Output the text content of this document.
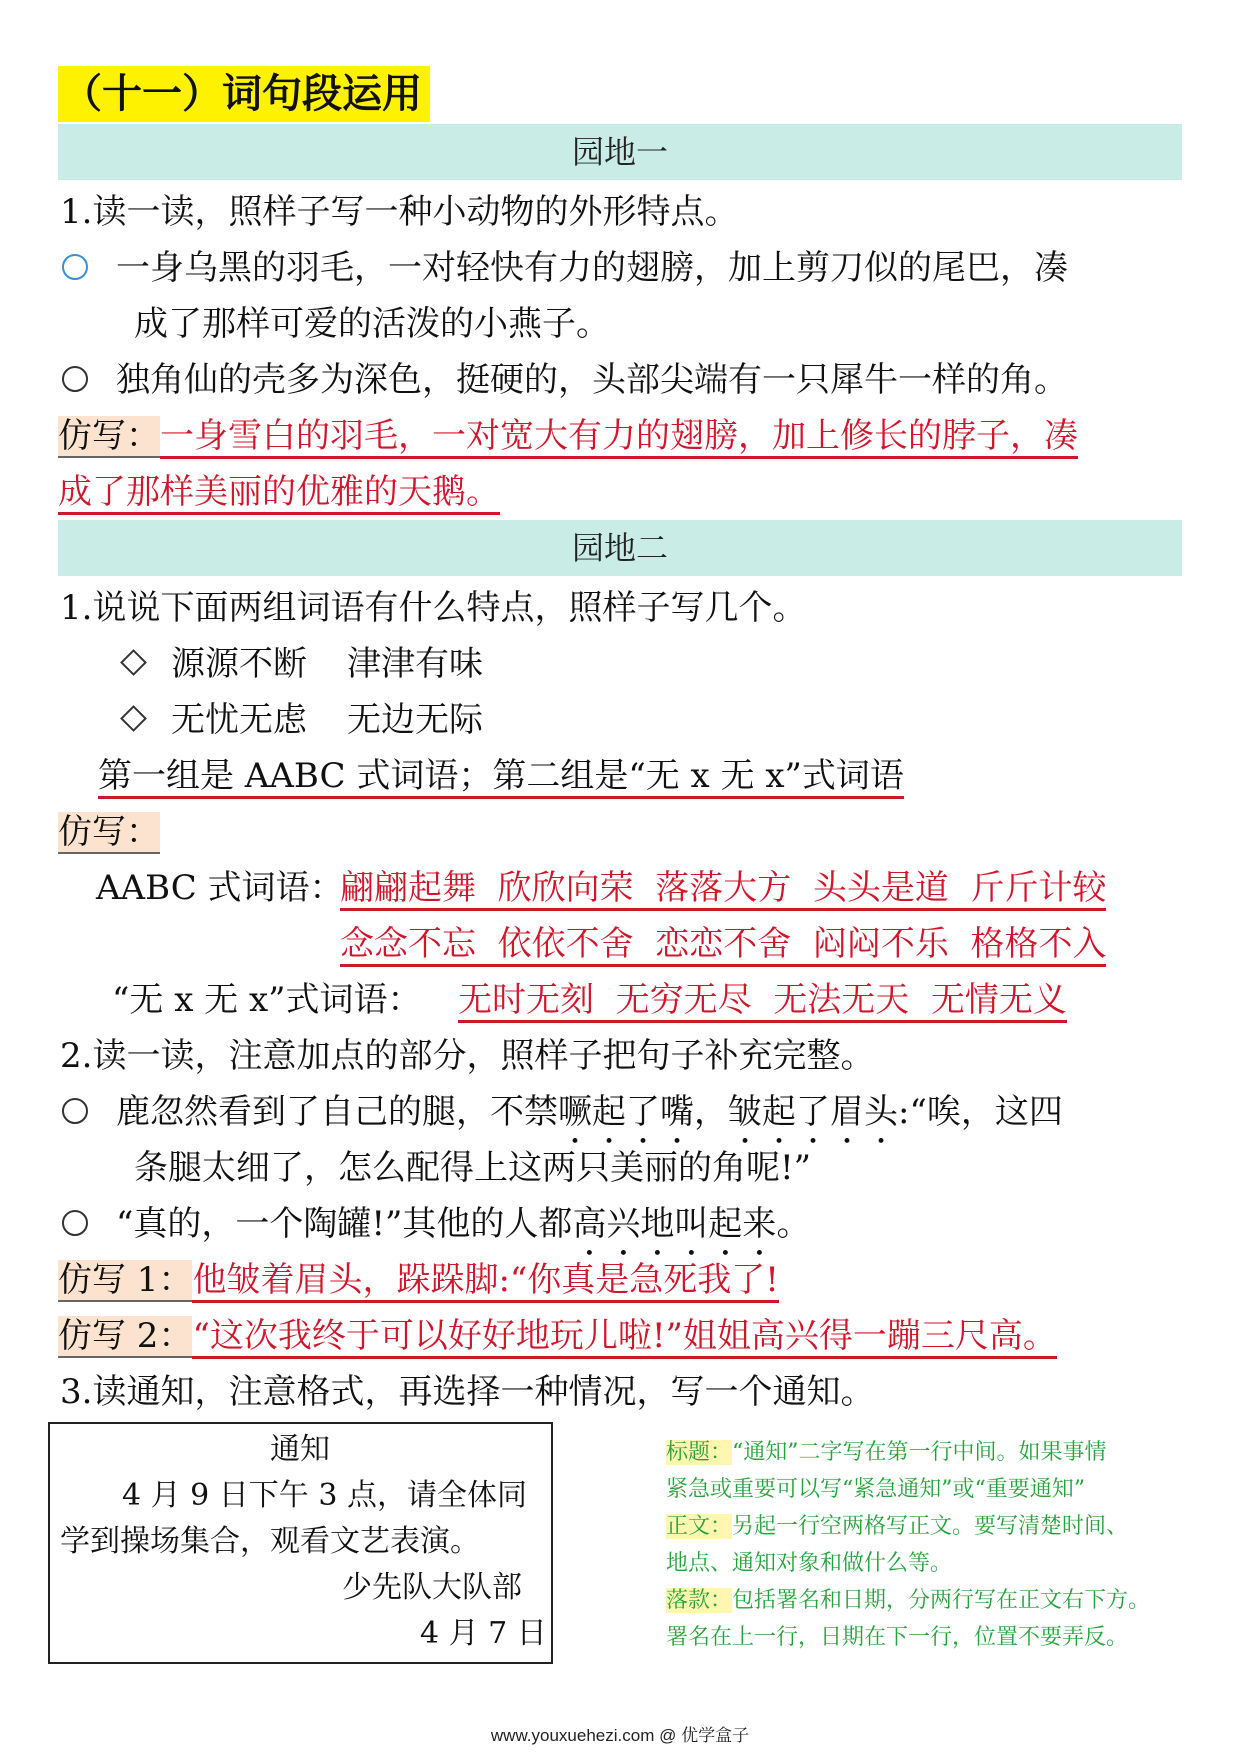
（十一）词句段运用
园地一
1.读一读，照样子写一种小动物的外形特点。
一身乌黑的羽毛，一对轻快有力的翅膀，加上剪刀似的尾巴，凑
成了那样可爱的活泼的小燕子。
独角仙的壳多为深色，挺硬的，头部尖端有一只犀牛一样的角。
仿写：一身雪白的羽毛，一对宽大有力的翅膀，加上修长的脖子，凑
成了那样美丽的优雅的天鹅。
园地二
1.说说下面两组词语有什么特点，照样子写几个。
源源不断 津津有味
无忧无虑 无边无际
第一组是 AABC 式词语；第二组是“无 x 无 x”式词语
仿写：
AABC 式词语：
翩翩起舞  欣欣向荣  落落大方  头头是道  斤斤计较
念念不忘  依依不舍  恋恋不舍  闷闷不乐  格格不入
“无 x 无 x”式词语： 无时无刻  无穷无尽  无法无天  无情无义
2.读一读，注意加点的部分，照样子把句子补充完整。
鹿忽然看到了自己的腿，不禁噘起了嘴，皱起了眉头:“唉，这四
条腿太细了，怎么配得上这两只美丽的角呢!”
“真的，一个陶罐!”其他的人都高兴地叫起来。
仿写 1：他皱着眉头，跺跺脚:“你真是急死我了!
仿写 2：“这次我终于可以好好地玩儿啦!”姐姐高兴得一蹦三尺高。
3.读通知，注意格式，再选择一种情况，写一个通知。
通知
4 月 9 日下午 3 点，请全体同
学到操场集合，观看文艺表演。
少先队大队部
4 月 7 日
标题：“通知”二字写在第一行中间。如果事情
紧急或重要可以写“紧急通知”或“重要通知”
正文：另起一行空两格写正文。要写清楚时间、
地点、通知对象和做什么等。
落款：包括署名和日期，分两行写在正文右下方。
署名在上一行，日期在下一行，位置不要弄反。
www.youxuehezi.com @ 优学盒子
